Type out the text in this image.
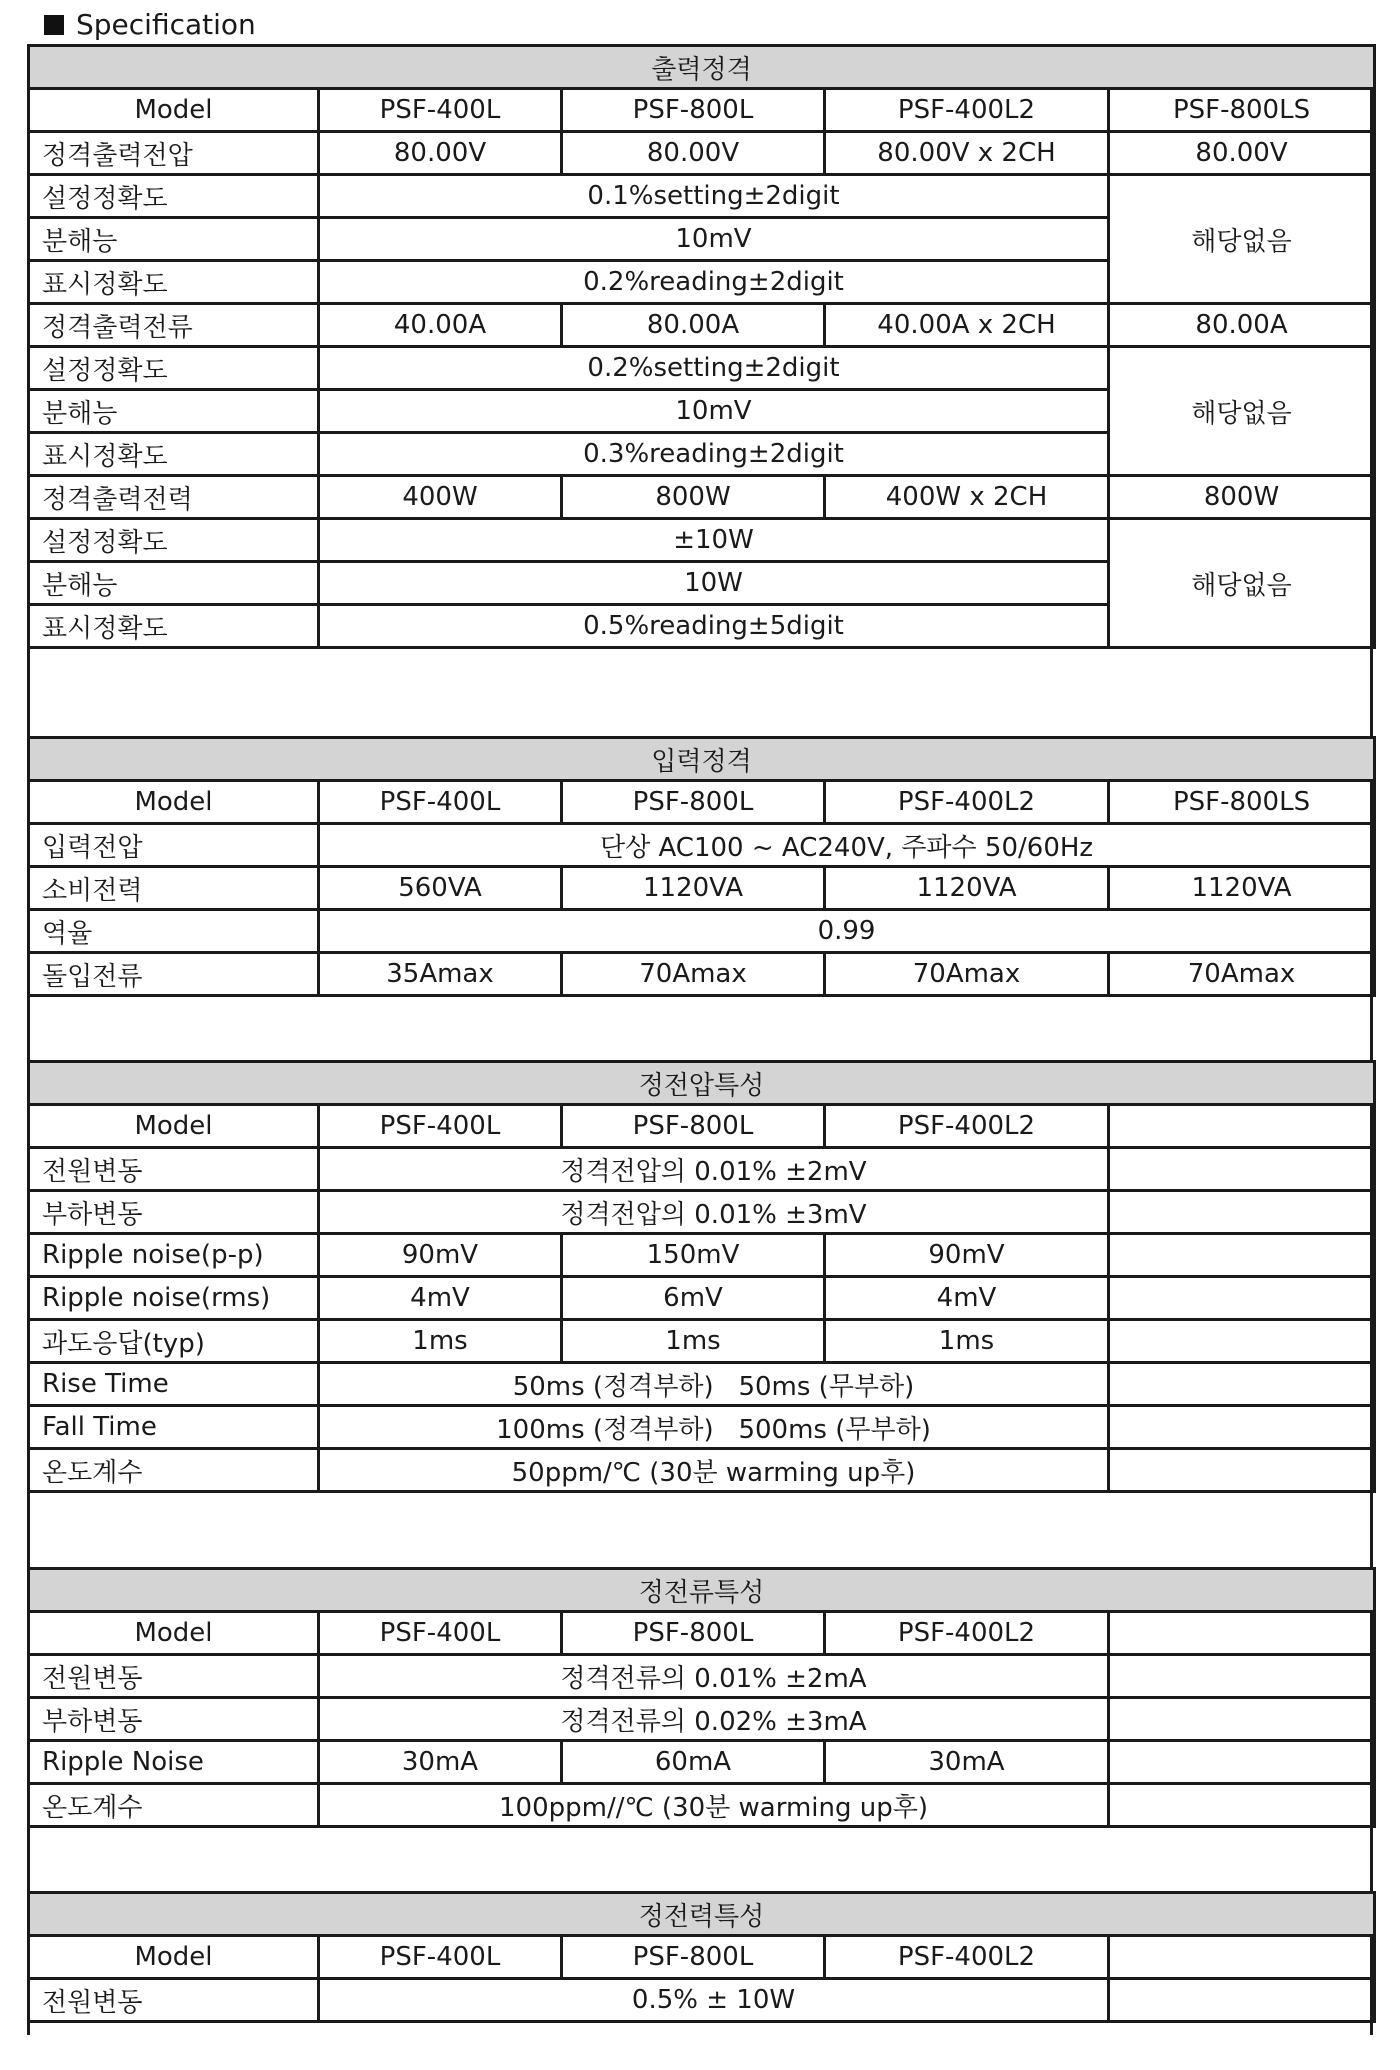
Specification
출력정격				
Model	PSF-400L	PSF-800L	PSF-400L2	PSF-800LS
정격출력전압	80.00V	80.00V	80.00V x 2CH	80.00V
설정정확도	0.1%setting±2digit			해당없음
분해능	10mV			
표시정확도	0.2%reading±2digit			
정격출력전류	40.00A	80.00A	40.00A x 2CH	80.00A
설정정확도	0.2%setting±2digit			해당없음
분해능	10mV			
표시정확도	0.3%reading±2digit			
정격출력전력	400W	800W	400W x 2CH	800W
설정정확도	±10W			해당없음
분해능	10W			
표시정확도	0.5%reading±5digit			
입력정격				
Model	PSF-400L	PSF-800L	PSF-400L2	PSF-800LS
입력전압	단상 AC100 ~ AC240V, 주파수 50/60Hz			
소비전력	560VA	1120VA	1120VA	1120VA
역율	0.99			
돌입전류	35Amax	70Amax	70Amax	70Amax
정전압특성				
Model	PSF-400L	PSF-800L	PSF-400L2	
전원변동	정격전압의 0.01% ±2mV			
부하변동	정격전압의 0.01% ±3mV			
Ripple noise(p-p)	90mV	150mV	90mV	
Ripple noise(rms)	4mV	6mV	4mV	
과도응답(typ)	1ms	1ms	1ms	
Rise Time	50ms (정격부하)   50ms (무부하)			
Fall Time	100ms (정격부하)   500ms (무부하)			
온도계수	50ppm/℃ (30분 warming up후)			
정전류특성				
Model	PSF-400L	PSF-800L	PSF-400L2	
전원변동	정격전류의 0.01% ±2mA			
부하변동	정격전류의 0.02% ±3mA			
Ripple Noise	30mA	60mA	30mA	
온도계수	100ppm//℃ (30분 warming up후)			
정전력특성				
Model	PSF-400L	PSF-800L	PSF-400L2	
전원변동	0.5% ± 10W			
